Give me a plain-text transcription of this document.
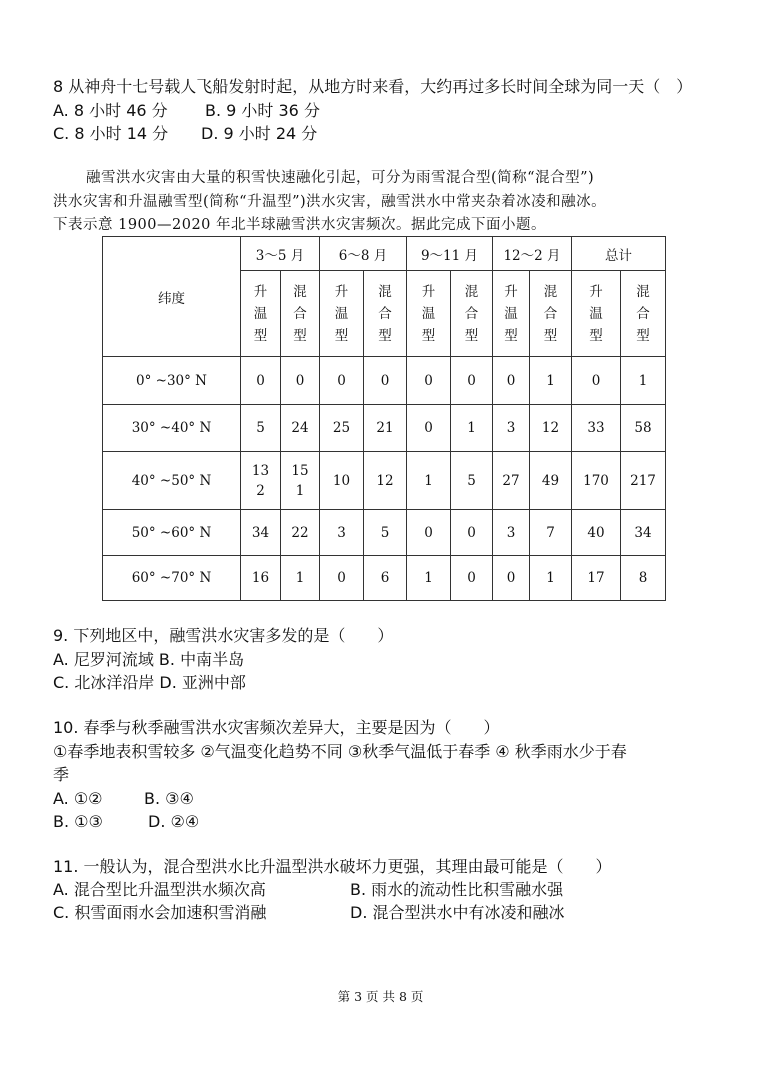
8 从神舟十七号载人飞船发射时起，从地方时来看，大约再过多长时间全球为同一天（　）
A. 8 小时 46 分 B. 9 小时 36 分
C. 8 小时 14 分 D. 9 小时 24 分
融雪洪水灾害由大量的积雪快速融化引起，可分为雨雪混合型(简称“混合型”)
洪水灾害和升温融雪型(简称“升温型”)洪水灾害，融雪洪水中常夹杂着冰凌和融冰。
下表示意 1900—2020 年北半球融雪洪水灾害频次。据此完成下面小题。
纬度	3～5 月		6～8 月		9～11 月		12～2 月		总计	
	升温型	混合型	升温型	混合型	升温型	混合型	升温型	混合型	升温型	混合型
0° ~30° N	0	0	0	0	0	0	0	1	0	1
30° ~40° N	5	24	25	21	0	1	3	12	33	58
40° ~50° N	132	151	10	12	1	5	27	49	170	217
50° ~60° N	34	22	3	5	0	0	3	7	40	34
60° ~70° N	16	1	0	6	1	0	0	1	17	8
9. 下列地区中，融雪洪水灾害多发的是（　　）
A. 尼罗河流域 B. 中南半岛
C. 北冰洋沿岸 D. 亚洲中部
10. 春季与秋季融雪洪水灾害频次差异大，主要是因为（　　）
①春季地表积雪较多 ②气温变化趋势不同 ③秋季气温低于春季 ④ 秋季雨水少于春
季
A. ①②	B. ③④
B. ①③	D. ②④
11. 一般认为，混合型洪水比升温型洪水破坏力更强，其理由最可能是（　　）
A. 混合型比升温型洪水频次高	B. 雨水的流动性比积雪融水强
C. 积雪面雨水会加速积雪消融	D. 混合型洪水中有冰凌和融冰
第 3 页 共 8 页
